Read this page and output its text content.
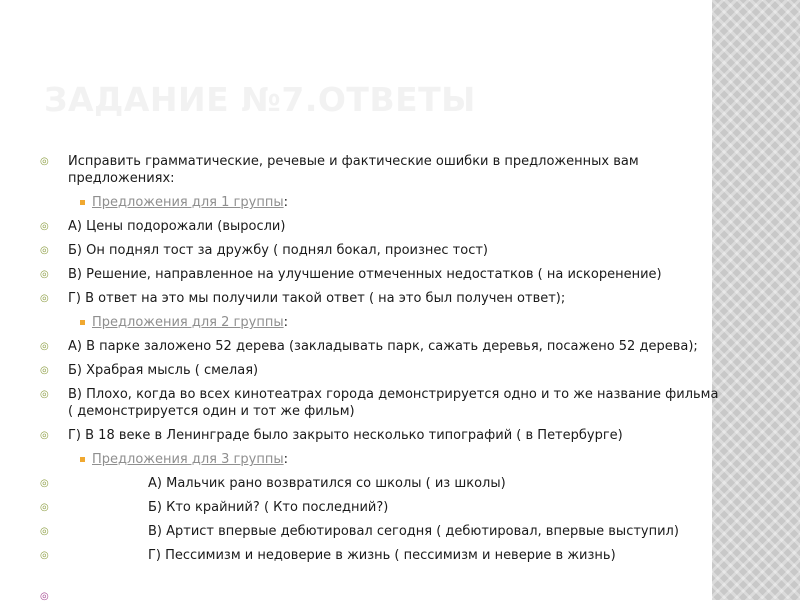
ЗАДАНИЕ №7.ОТВЕТЫ
◎	Исправить грамматические, речевые и фактические ошибки в предложенных вам предложениях:
Предложения для 1 группы:
◎	А) Цены подорожали (выросли)
◎	Б) Он поднял тост за дружбу ( поднял бокал, произнес тост)
◎	В) Решение, направленное на улучшение отмеченных недостатков ( на искоренение)
◎	Г) В ответ на это мы получили такой ответ ( на это был получен ответ);
Предложения для 2 группы:
◎	А) В парке заложено 52 дерева (закладывать парк, сажать деревья, посажено 52 дерева);
◎	Б) Храбрая мысль ( смелая)
◎	В) Плохо, когда во всех кинотеатрах города демонстрируется одно и то же название фильма ( демонстрируется один и тот же фильм)
◎	Г) В 18 веке в Ленинграде было закрыто несколько типографий ( в Петербурге)
Предложения для 3 группы:
◎	А) Мальчик рано возвратился со школы ( из школы)
◎	Б) Кто крайний? ( Кто последний?)
◎	В) Артист впервые дебютировал сегодня ( дебютировал, впервые выступил)
◎	Г) Пессимизм и недоверие в жизнь ( пессимизм и неверие в жизнь)
◎
